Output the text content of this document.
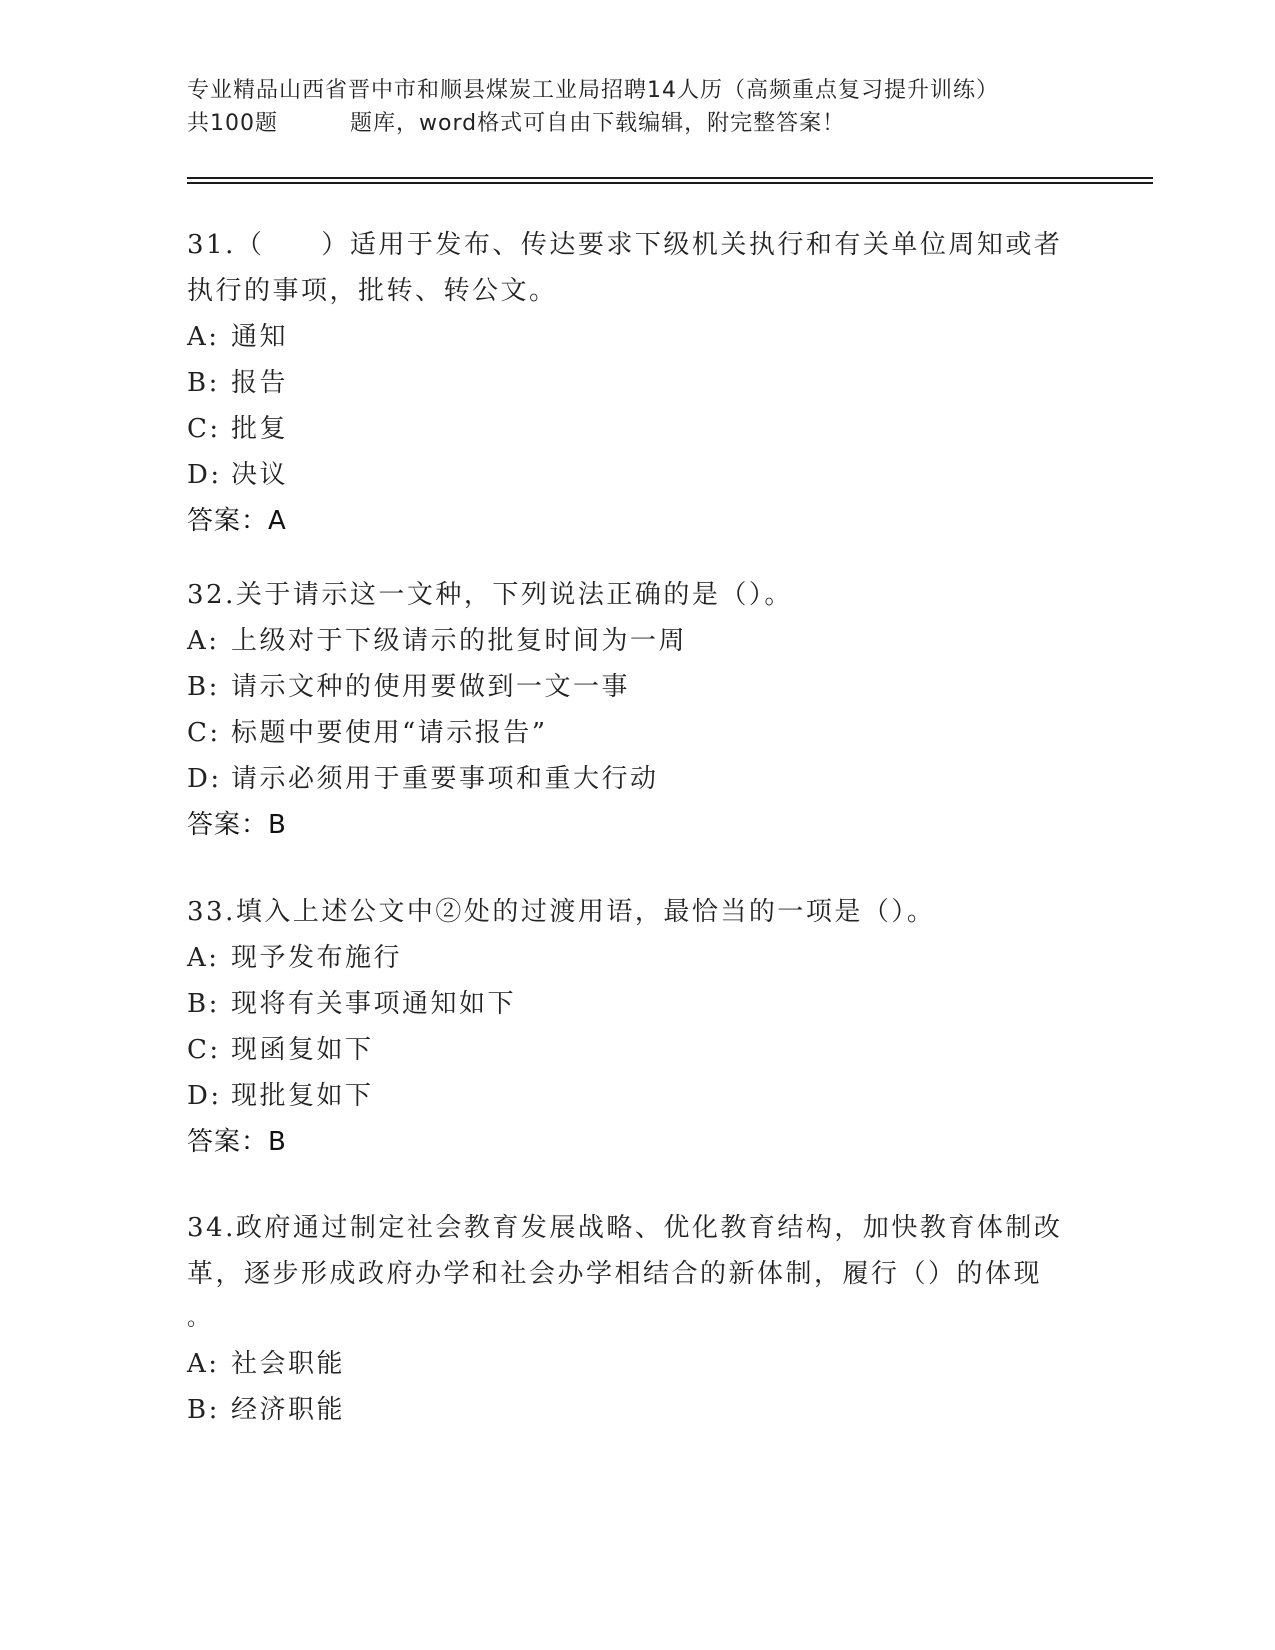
专业精品山西省晋中市和顺县煤炭工业局招聘14人历（高频重点复习提升训练）
共100题	题库，word格式可自由下载编辑，附完整答案！

31.（　　）适用于发布、传达要求下级机关执行和有关单位周知或者执行的事项，批转、转公文。

A: 通知

B: 报告

C: 批复

D: 决议

答案：A

32.关于请示这一文种，下列说法正确的是（）。

A: 上级对于下级请示的批复时间为一周

B: 请示文种的使用要做到一文一事

C: 标题中要使用“请示报告”

D: 请示必须用于重要事项和重大行动

答案：B

33.填入上述公文中②处的过渡用语，最恰当的一项是（）。

A: 现予发布施行

B: 现将有关事项通知如下

C: 现函复如下

D: 现批复如下

答案：B

34.政府通过制定社会教育发展战略、优化教育结构，加快教育体制改革，逐步形成政府办学和社会办学相结合的新体制，履行（）的体现
。

A: 社会职能

B: 经济职能
